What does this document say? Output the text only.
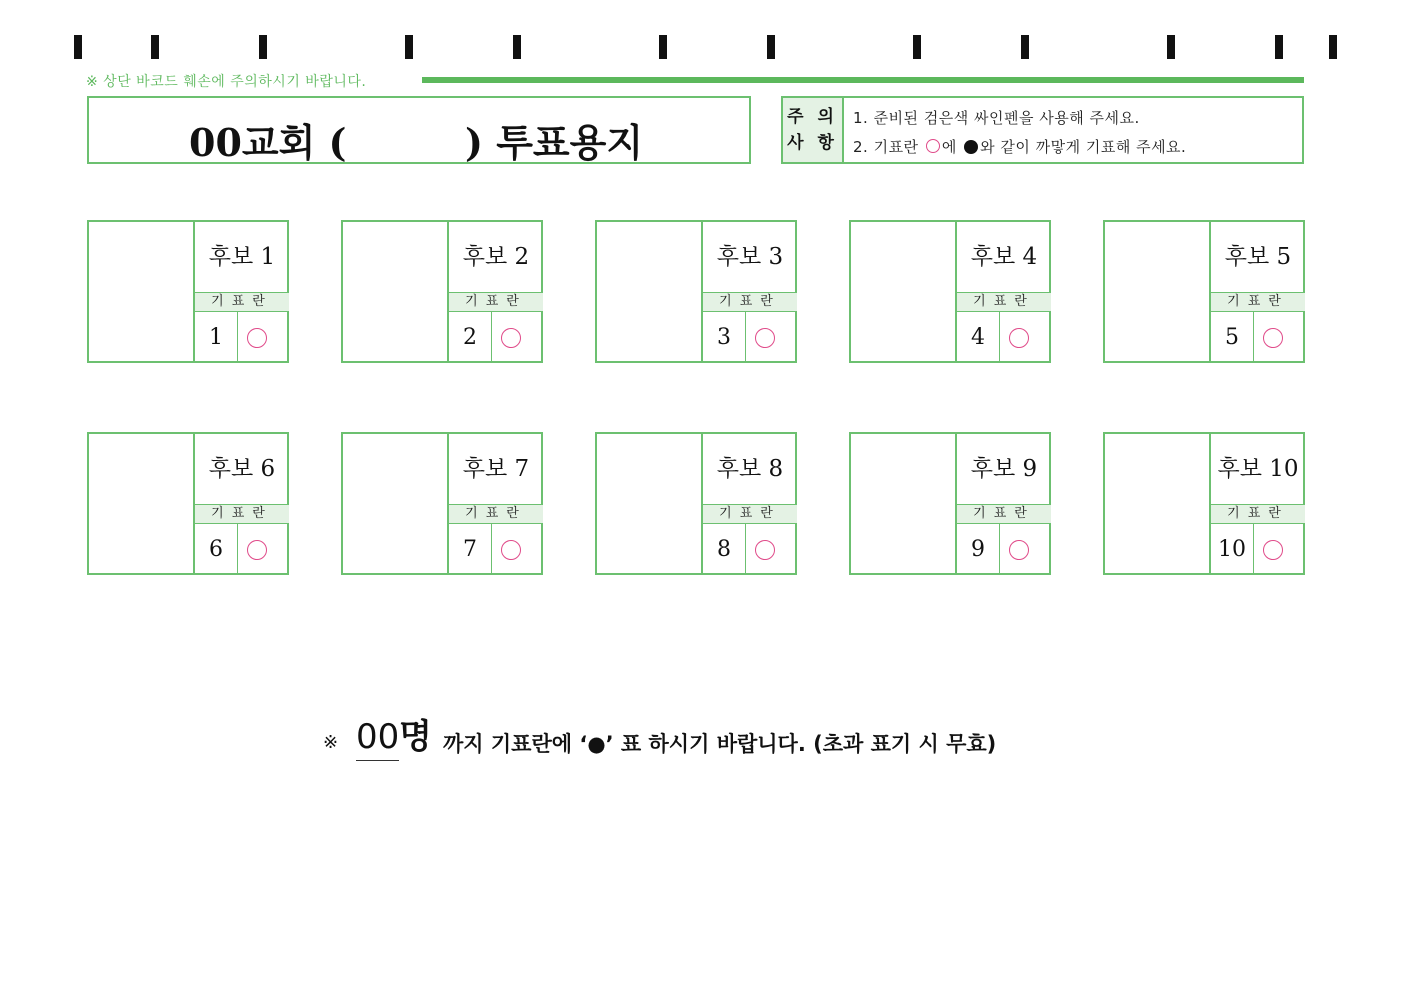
※ 상단 바코드 훼손에 주의하시기 바랍니다.
00교회 (	) 투표용지
주 의
사 항
1. 준비된 검은색 싸인펜을 사용해 주세요.
2. 기표란 에 와 같이 까맣게 기표해 주세요.
후보 1
기표란
1
후보 2
기표란
2
후보 3
기표란
3
후보 4
기표란
4
후보 5
기표란
5
후보 6
기표란
6
후보 7
기표란
7
후보 8
기표란
8
후보 9
기표란
9
후보 10
기표란
10
※ 00 명 까지 기표란에 ‘●’ 표 하시기 바랍니다. (초과 표기 시 무효)
